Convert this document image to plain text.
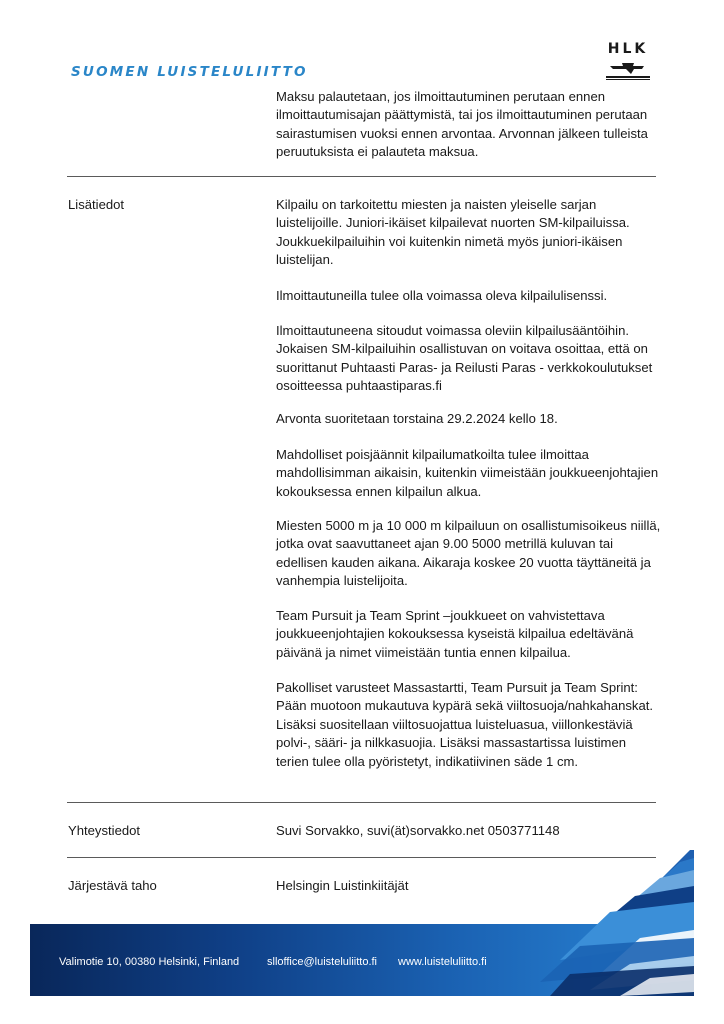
SUOMEN LUISTELULIITTO
HLK
Maksu palautetaan, jos ilmoittautuminen perutaan ennen ilmoittautumisajan päättymistä, tai jos ilmoittautuminen perutaan sairastumisen vuoksi ennen arvontaa. Arvonnan jälkeen tulleista peruutuksista ei palauteta maksua.
Lisätiedot	Kilpailu on tarkoitettu miesten ja naisten yleiselle sarjan luistelijoille. Juniori-ikäiset kilpailevat nuorten SM-kilpailuissa. Joukkuekilpailuihin voi kuitenkin nimetä myös juniori-ikäisen luistelijan.
Ilmoittautuneilla tulee olla voimassa oleva kilpailulisenssi.
Ilmoittautuneena sitoudut voimassa oleviin kilpailusääntöihin. Jokaisen SM-kilpailuihin osallistuvan on voitava osoittaa, että on suorittanut Puhtaasti Paras- ja Reilusti Paras - verkkokoulutukset osoitteessa puhtaastiparas.fi
Arvonta suoritetaan torstaina 29.2.2024 kello 18.
Mahdolliset poisjäännit kilpailumatkoilta tulee ilmoittaa mahdollisimman aikaisin, kuitenkin viimeistään joukkueenjohtajien kokouksessa ennen kilpailun alkua.
Miesten 5000 m ja 10 000 m kilpailuun on osallistumisoikeus niillä, jotka ovat saavuttaneet ajan 9.00 5000 metrillä kuluvan tai edellisen kauden aikana. Aikaraja koskee 20 vuotta täyttäneitä ja vanhempia luistelijoita.
Team Pursuit ja Team Sprint –joukkueet on vahvistettava joukkueenjohtajien kokouksessa kyseistä kilpailua edeltävänä päivänä ja nimet viimeistään tuntia ennen kilpailua.
Pakolliset varusteet Massastartti, Team Pursuit ja Team Sprint: Pään muotoon mukautuva kypärä sekä viiltosuoja/nahkahanskat. Lisäksi suositellaan viiltosuojattua luisteluasua, viillonkestäviä polvi-, sääri- ja nilkkasuojia. Lisäksi massastartissa luistimen terien tulee olla pyöristetyt, indikatiivinen säde 1 cm.
Yhteystiedot	Suvi Sorvakko, suvi(ät)sorvakko.net 0503771148
Järjestävä taho	Helsingin Luistinkiitäjät
Valimotie 10, 00380 Helsinki, Finland	slloffice@luisteluliitto.fi www.luisteluliitto.fi
